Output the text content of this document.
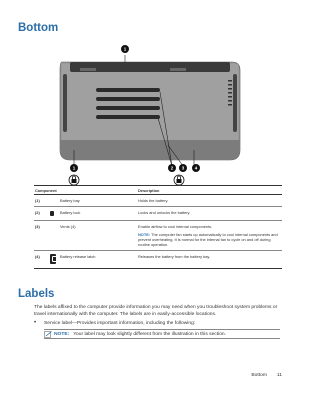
Bottom
1
1	2 3 4
Component	Description
(1)	Battery bay	Holds the battery.
(2)	Battery lock	Locks and unlocks the battery.
(3)	Vents (4)	Enable airflow to cool internal components.
NOTE: The computer fan starts up automatically to cool internal components and prevent overheating. It is normal for the internal fan to cycle on and off during routine operation.
(4)	Battery release latch	Releases the battery from the battery bay.
Labels
The labels affixed to the computer provide information you may need when you troubleshoot system problems or travel internationally with the computer. The labels are in easily-accessible locations.
•	Service label—Provides important information, including the following:
NOTE: Your label may look slightly different from the illustration in this section.
Bottom 11
